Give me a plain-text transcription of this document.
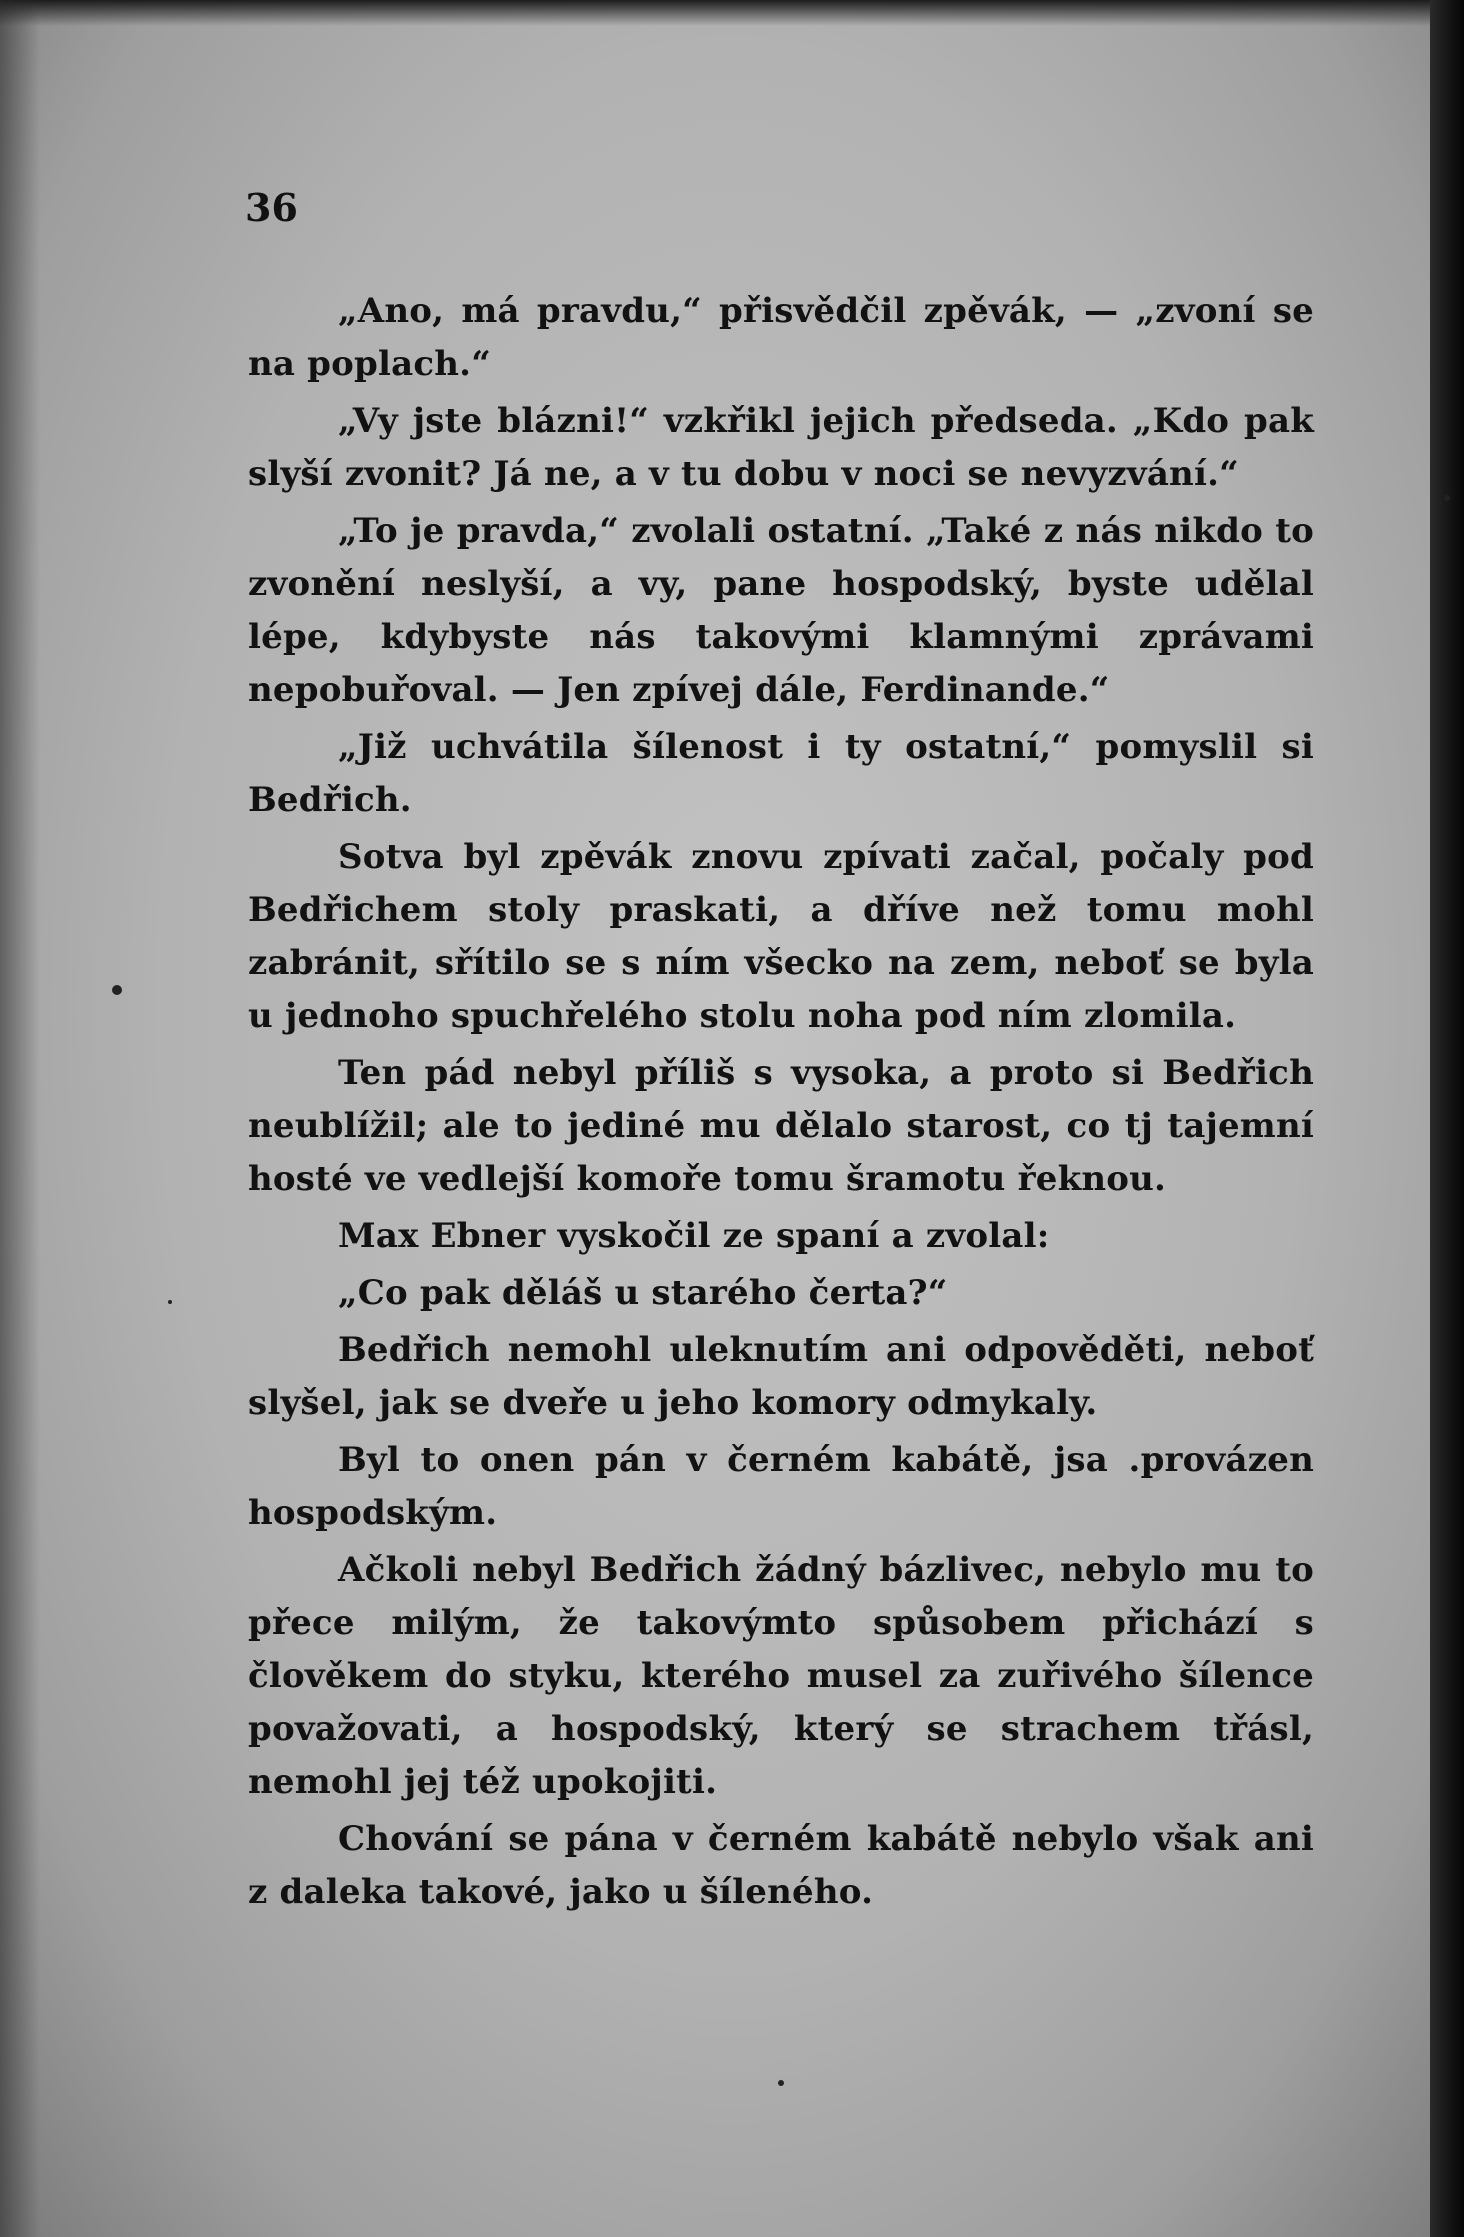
36

„Ano, má pravdu,“ přisvědčil zpěvák, — „zvoní se na poplach.“

„Vy jste blázni!“ vzkřikl jejich předseda. „Kdo pak slyší zvonit? Já ne, a v tu dobu v noci se nevyzvání.“

„To je pravda,“ zvolali ostatní. „Také z nás nikdo to zvonění neslyší, a vy, pane hospodský, byste udělal lépe, kdybyste nás takovými klamnými zprávami nepobuřoval. — Jen zpívej dále, Ferdinande.“

„Již uchvátila šílenost i ty ostatní,“ pomyslil si Bedřich.

Sotva byl zpěvák znovu zpívati začal, počaly pod Bedřichem stoly praskati, a dříve než tomu mohl zabránit, sřítilo se s ním všecko na zem, neboť se byla u jednoho spuchřelého stolu noha pod ním zlomila.

Ten pád nebyl příliš s vysoka, a proto si Bedřich neublížil; ale to jediné mu dělalo starost, co tj tajemní hosté ve vedlejší komoře tomu šramotu řeknou.

Max Ebner vyskočil ze spaní a zvolal:

„Co pak děláš u starého čerta?“

Bedřich nemohl uleknutím ani odpověděti, neboť slyšel, jak se dveře u jeho komory odmykaly.

Byl to onen pán v černém kabátě, jsa .provázen hospodským.

Ačkoli nebyl Bedřich žádný bázlivec, nebylo mu to přece milým, že takovýmto spůsobem přichází s člověkem do styku, kterého musel za zuřivého šílence považovati, a hospodský, který se strachem třásl, nemohl jej též upokojiti.

Chování se pána v černém kabátě nebylo však ani z daleka takové, jako u šíleného.
